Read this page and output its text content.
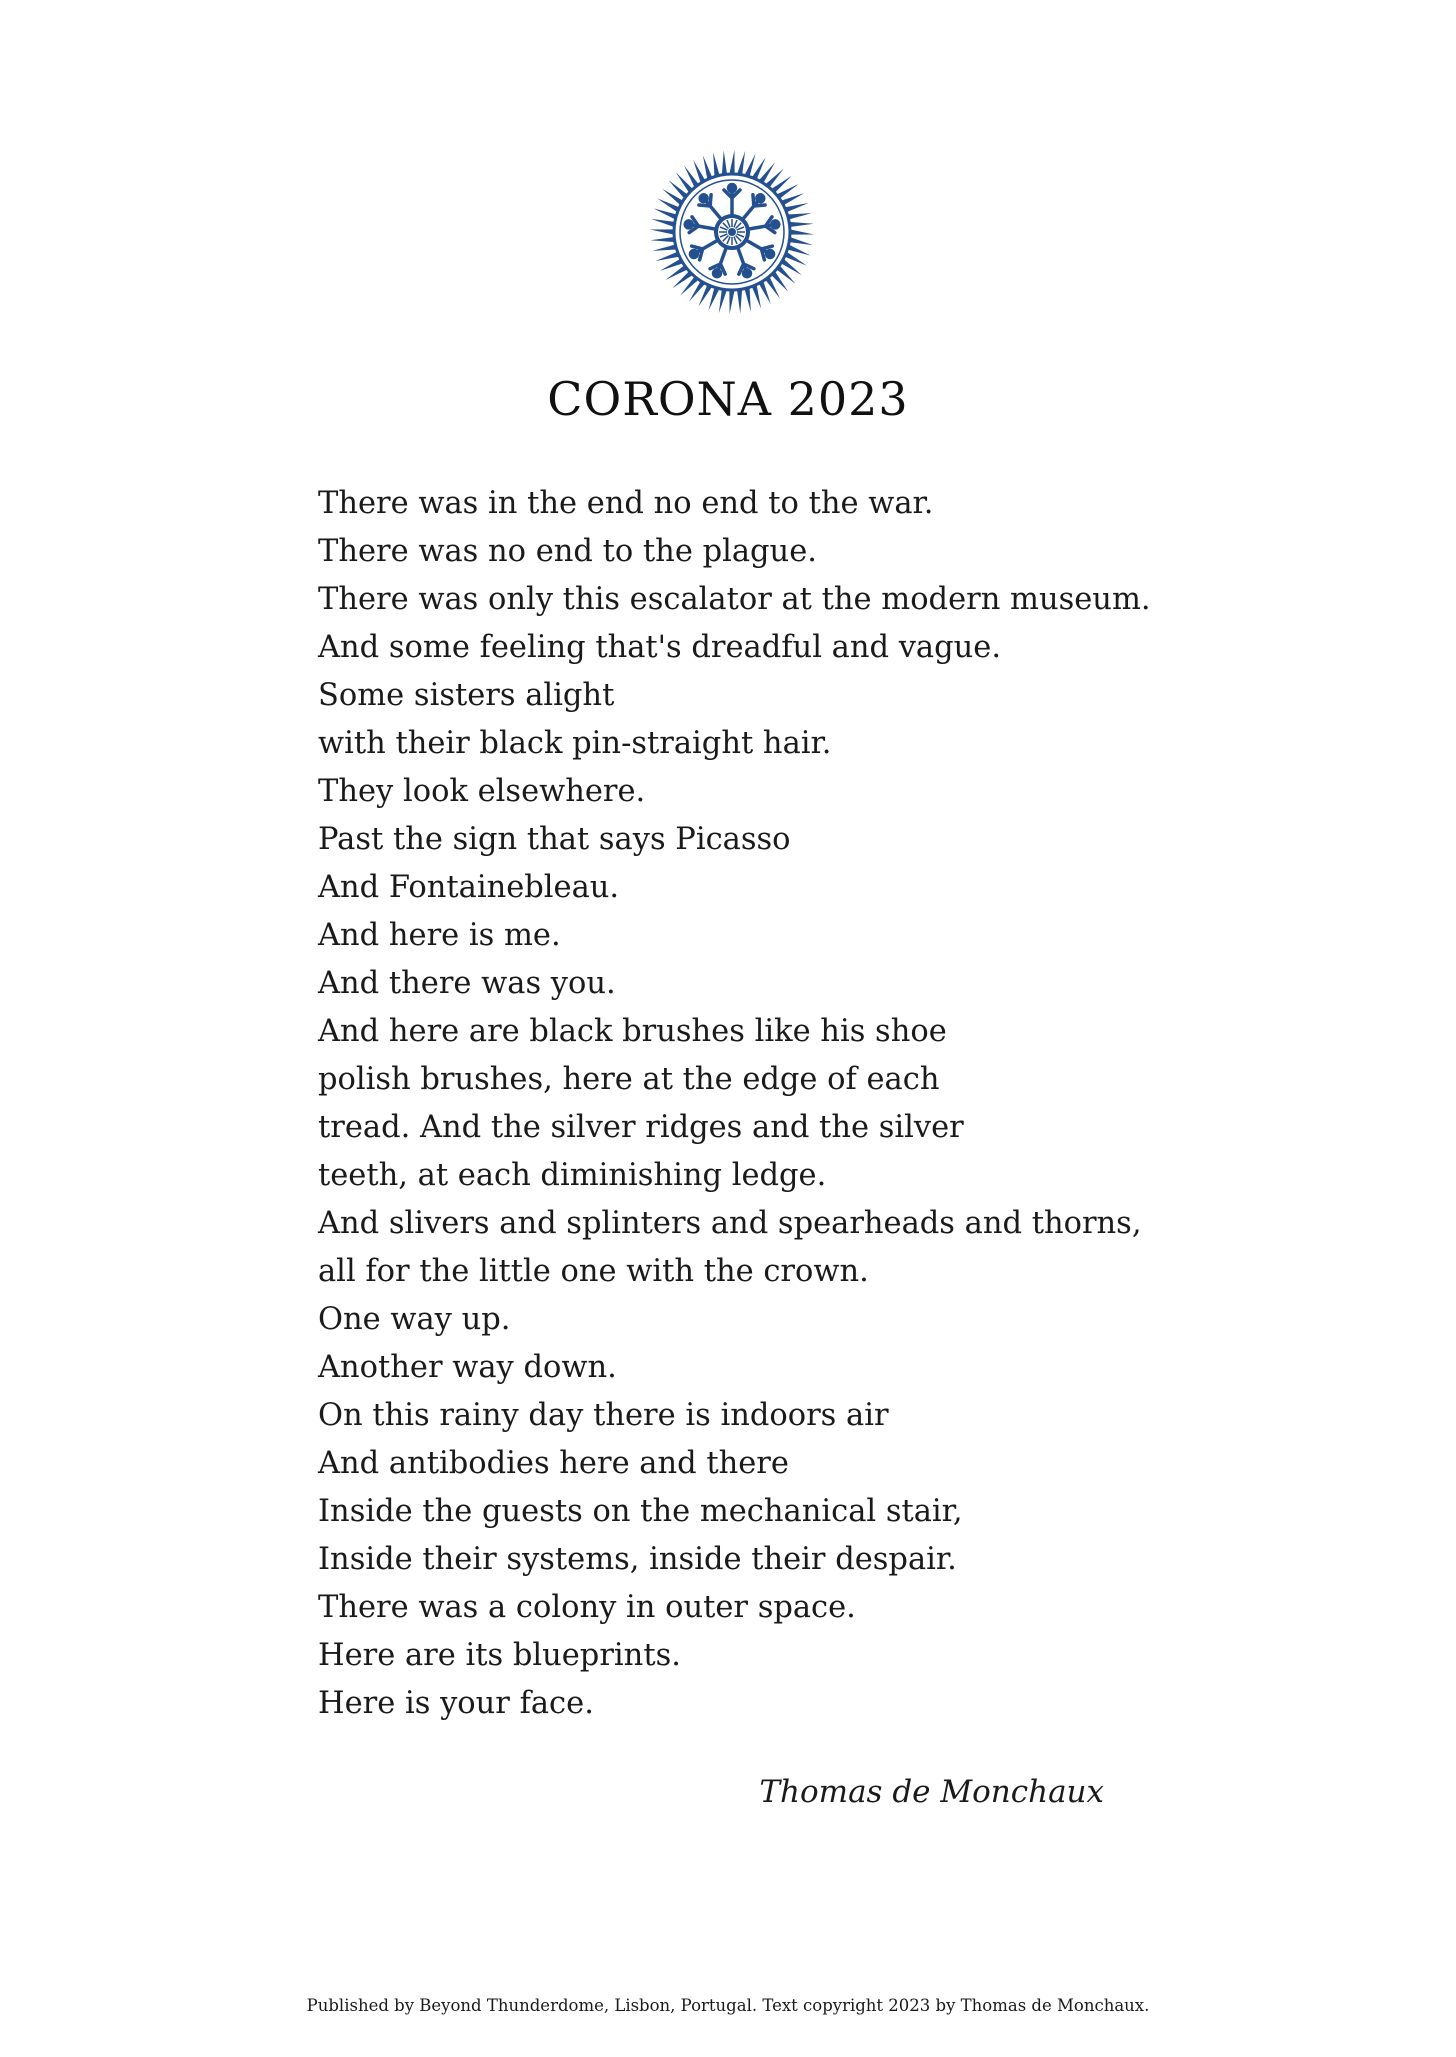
CORONA 2023
There was in the end no end to the war.
There was no end to the plague.
There was only this escalator at the modern museum.
And some feeling that's dreadful and vague.
Some sisters alight
with their black pin-straight hair.
They look elsewhere.
Past the sign that says Picasso
And Fontainebleau.
And here is me.
And there was you.
And here are black brushes like his shoe
polish brushes, here at the edge of each
tread. And the silver ridges and the silver
teeth, at each diminishing ledge.
And slivers and splinters and spearheads and thorns,
all for the little one with the crown.
One way up.
Another way down.
On this rainy day there is indoors air
And antibodies here and there
Inside the guests on the mechanical stair,
Inside their systems, inside their despair.
There was a colony in outer space.
Here are its blueprints.
Here is your face.
Thomas de Monchaux
Published by Beyond Thunderdome, Lisbon, Portugal. Text copyright 2023 by Thomas de Monchaux.
